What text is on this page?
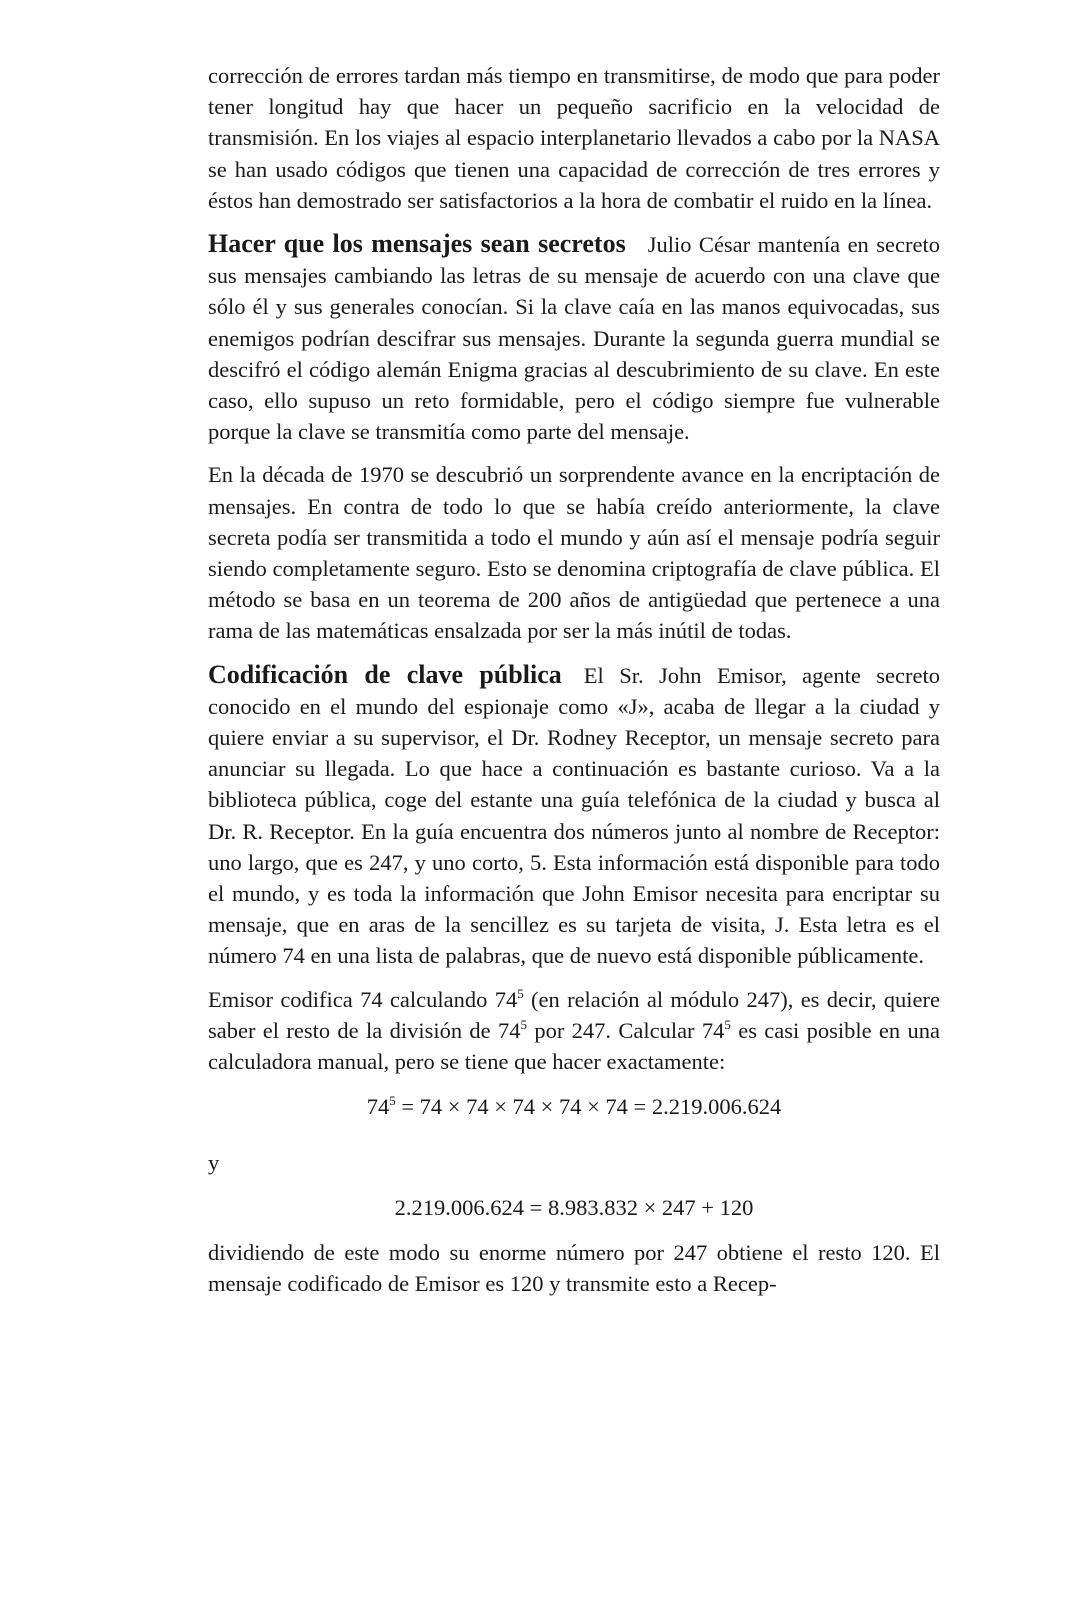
corrección de errores tardan más tiempo en transmitirse, de modo que para poder tener longitud hay que hacer un pequeño sacrificio en la velocidad de transmisión. En los viajes al espacio interplanetario llevados a cabo por la NASA se han usado códigos que tienen una capacidad de corrección de tres errores y éstos han demostrado ser satisfactorios a la hora de combatir el ruido en la línea.

Hacer que los mensajes sean secretos Julio César mantenía en secreto sus mensajes cambiando las letras de su mensaje de acuerdo con una clave que sólo él y sus generales conocían. Si la clave caía en las manos equivocadas, sus enemigos podrían descifrar sus mensajes. Durante la segunda guerra mundial se descifró el código alemán Enigma gracias al descubrimiento de su clave. En este caso, ello supuso un reto formidable, pero el código siempre fue vulnerable porque la clave se transmitía como parte del mensaje.

En la década de 1970 se descubrió un sorprendente avance en la encriptación de mensajes. En contra de todo lo que se había creído anteriormente, la clave secreta podía ser transmitida a todo el mundo y aún así el mensaje podría seguir siendo completamente seguro. Esto se denomina criptografía de clave pública. El método se basa en un teorema de 200 años de antigüedad que pertenece a una rama de las matemáticas ensalzada por ser la más inútil de todas.

Codificación de clave pública El Sr. John Emisor, agente secreto conocido en el mundo del espionaje como «J», acaba de llegar a la ciudad y quiere enviar a su supervisor, el Dr. Rodney Receptor, un mensaje secreto para anunciar su llegada. Lo que hace a continuación es bastante curioso. Va a la biblioteca pública, coge del estante una guía telefónica de la ciudad y busca al Dr. R. Receptor. En la guía encuentra dos números junto al nombre de Receptor: uno largo, que es 247, y uno corto, 5. Esta información está disponible para todo el mundo, y es toda la información que John Emisor necesita para encriptar su mensaje, que en aras de la sencillez es su tarjeta de visita, J. Esta letra es el número 74 en una lista de palabras, que de nuevo está disponible públicamente.

Emisor codifica 74 calculando $74^5$ (en relación al módulo 247), es decir, quiere saber el resto de la división de $74^5$ por 247. Calcular $74^5$ es casi posible en una calculadora manual, pero se tiene que hacer exactamente:

$74^5 = 74 \times 74 \times 74 \times 74 \times 74 = 2.219.006.624$

y

2.219.006.624 = 8.983.832 × 247 + 120

dividiendo de este modo su enorme número por 247 obtiene el resto 120. El mensaje codificado de Emisor es 120 y transmite esto a Recep-
